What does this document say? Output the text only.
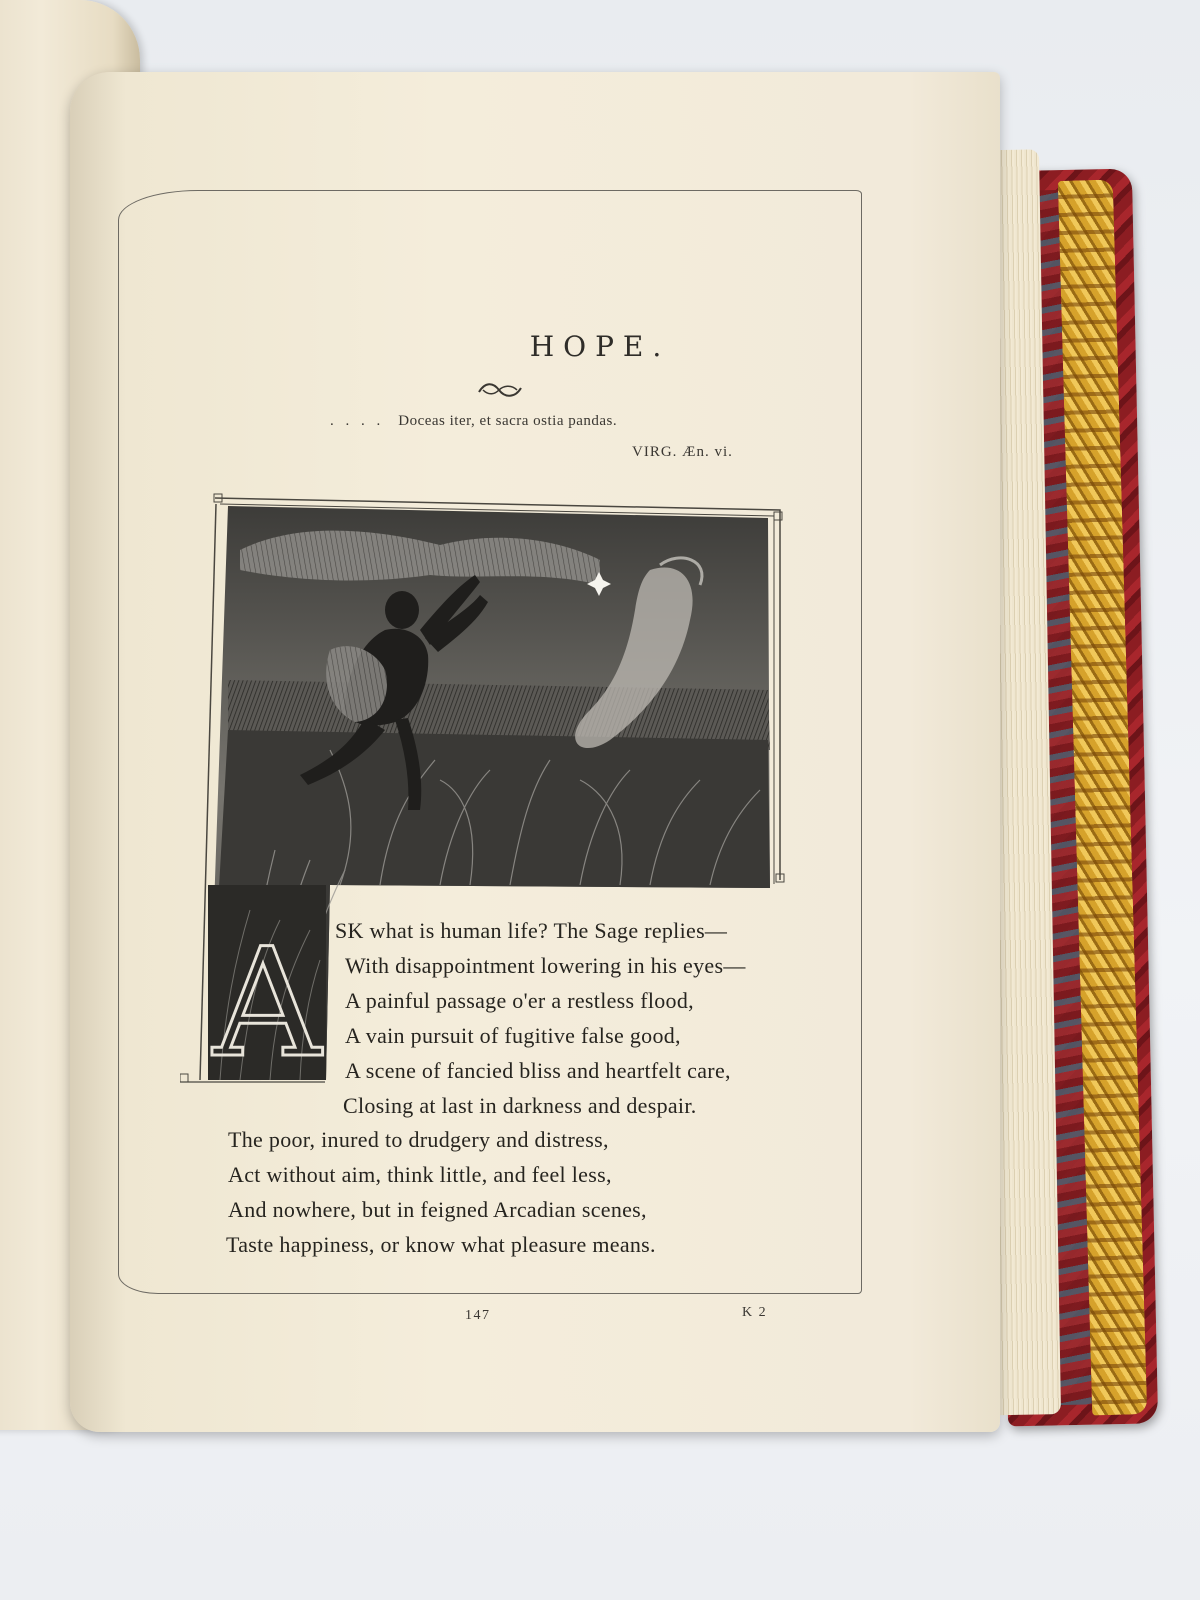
HOPE.
. . . . Doceas iter, et sacra ostia pandas.
VIRG. Æn. vi.
A SK what is human life? The Sage replies—
With disappointment lowering in his eyes—
A painful passage o'er a restless flood,
A vain pursuit of fugitive false good,
A scene of fancied bliss and heartfelt care,
Closing at last in darkness and despair.
The poor, inured to drudgery and distress,
Act without aim, think little, and feel less,
And nowhere, but in feigned Arcadian scenes,
Taste happiness, or know what pleasure means.
147	K 2
